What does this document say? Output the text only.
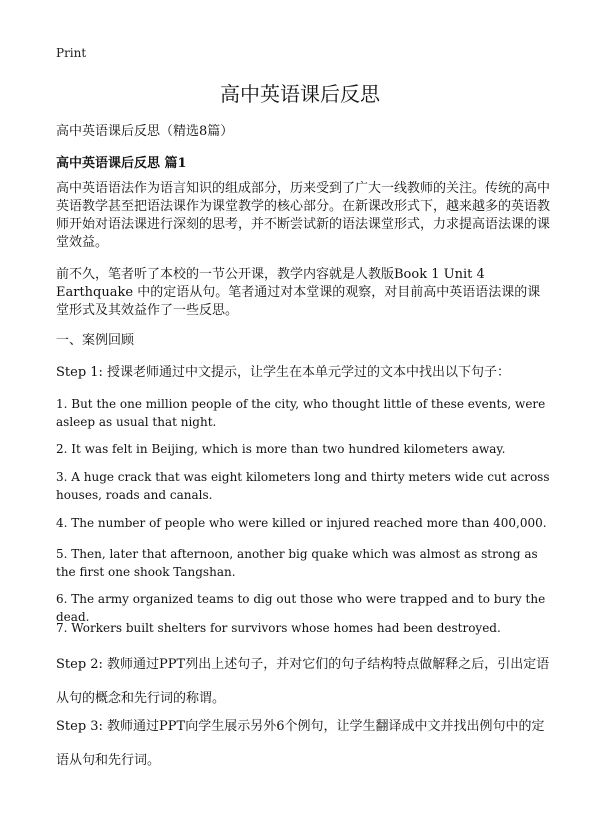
Print
高中英语课后反思
高中英语课后反思（精选8篇）
高中英语课后反思 篇1

高中英语语法作为语言知识的组成部分，历来受到了广大一线教师的关注。传统的高中英语教学甚至把语法课作为课堂教学的核心部分。在新课改形式下，越来越多的英语教师开始对语法课进行深刻的思考，并不断尝试新的语法课堂形式，力求提高语法课的课堂效益。

前不久，笔者听了本校的一节公开课，教学内容就是人教版Book 1 Unit 4 Earthquake 中的定语从句。笔者通过对本堂课的观察，对目前高中英语语法课的课堂形式及其效益作了一些反思。

一、案例回顾

Step 1: 授课老师通过中文提示，让学生在本单元学过的文本中找出以下句子：

1. But the one million people of the city, who thought little of these events, were asleep as usual that night.

2. It was felt in Beijing, which is more than two hundred kilometers away.

3. A huge crack that was eight kilometers long and thirty meters wide cut across houses, roads and canals.

4. The number of people who were killed or injured reached more than 400,000.

5. Then, later that afternoon, another big quake which was almost as strong as the first one shook Tangshan.

6. The army organized teams to dig out those who were trapped and to bury the dead.

7. Workers built shelters for survivors whose homes had been destroyed.

Step 2: 教师通过PPT列出上述句子，并对它们的句子结构特点做解释之后，引出定语从句的概念和先行词的称谓。

Step 3: 教师通过PPT向学生展示另外6个例句，让学生翻译成中文并找出例句中的定语从句和先行词。
